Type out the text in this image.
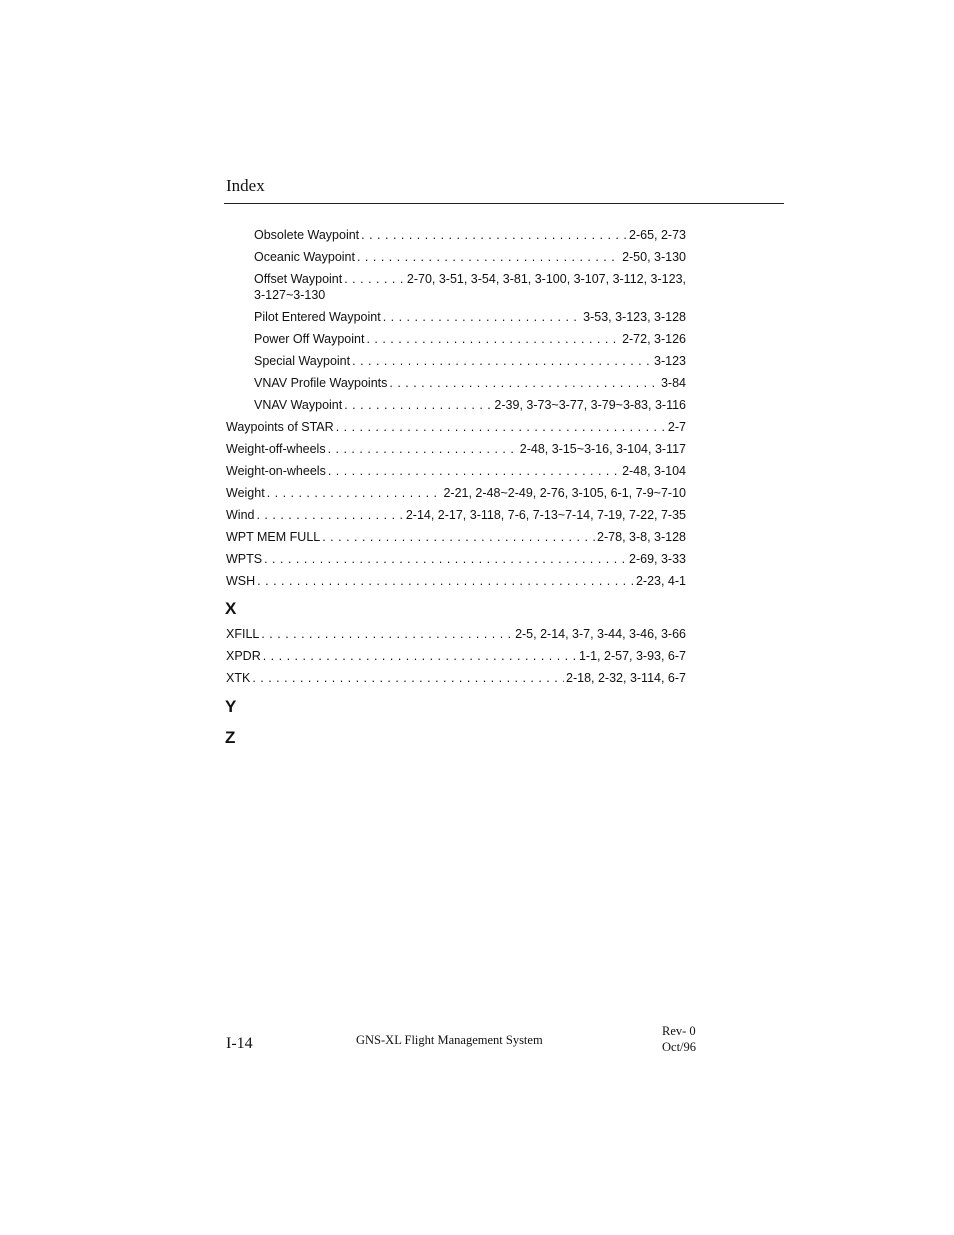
Index
Obsolete Waypoint . . .	2-65, 2-73
Oceanic Waypoint . . .	2-50, 3-130
Offset Waypoint . . .	2-70, 3-51, 3-54, 3-81, 3-100, 3-107, 3-112, 3-123,
3-127~3-130
Pilot Entered Waypoint . . .	3-53, 3-123, 3-128
Power Off Waypoint . . .	2-72, 3-126
Special Waypoint . . .	3-123
VNAV Profile Waypoints . . .	3-84
VNAV Waypoint . . .	2-39, 3-73~3-77, 3-79~3-83, 3-116
Waypoints of STAR . . .	2-7
Weight-off-wheels . . .	2-48, 3-15~3-16, 3-104, 3-117
Weight-on-wheels . . .	2-48, 3-104
Weight . . .	2-21, 2-48~2-49, 2-76, 3-105, 6-1, 7-9~7-10
Wind . . .	2-14, 2-17, 3-118, 7-6, 7-13~7-14, 7-19, 7-22, 7-35
WPT MEM FULL . . .	2-78, 3-8, 3-128
WPTS . . .	2-69, 3-33
WSH . . .	2-23, 4-1
X
XFILL . . .	2-5, 2-14, 3-7, 3-44, 3-46, 3-66
XPDR . . .	1-1, 2-57, 3-93, 6-7
XTK . . .	2-18, 2-32, 3-114, 6-7
Y
Z
I-14	GNS-XL Flight Management System
Rev- 0
Oct/96
